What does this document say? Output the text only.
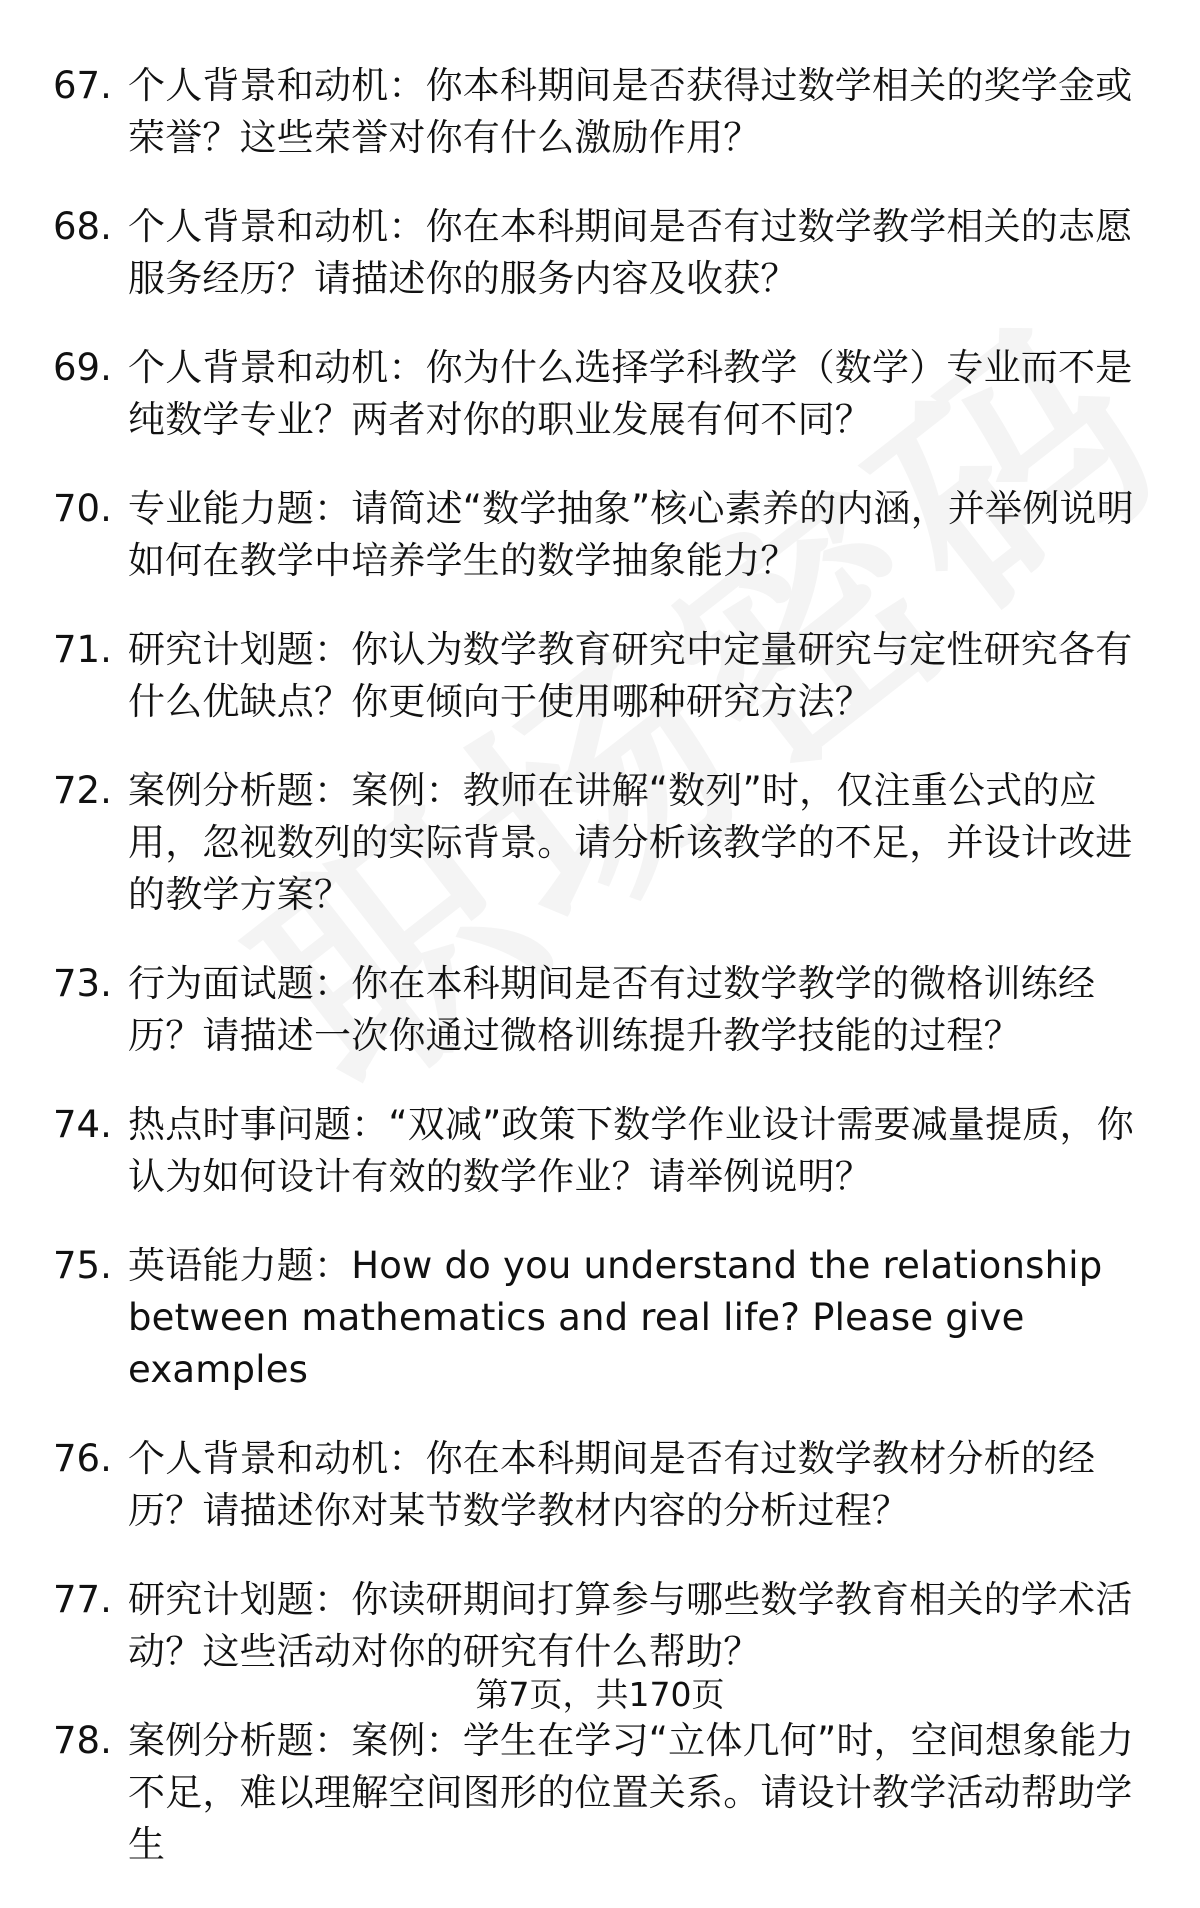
67. 个人背景和动机：你本科期间是否获得过数学相关的奖学金或荣誉？这些荣誉对你有什么激励作用？
68. 个人背景和动机：你在本科期间是否有过数学教学相关的志愿服务经历？请描述你的服务内容及收获？
69. 个人背景和动机：你为什么选择学科教学（数学）专业而不是纯数学专业？两者对你的职业发展有何不同？
70. 专业能力题：请简述“数学抽象”核心素养的内涵，并举例说明如何在教学中培养学生的数学抽象能力？
71. 研究计划题：你认为数学教育研究中定量研究与定性研究各有什么优缺点？你更倾向于使用哪种研究方法？
72. 案例分析题：案例：教师在讲解“数列”时，仅注重公式的应用，忽视数列的实际背景。请分析该教学的不足，并设计改进的教学方案？
73. 行为面试题：你在本科期间是否有过数学教学的微格训练经历？请描述一次你通过微格训练提升教学技能的过程？
74. 热点时事问题：“双减”政策下数学作业设计需要减量提质，你认为如何设计有效的数学作业？请举例说明？
75. 英语能力题：How do you understand the relationship between mathematics and real life? Please give examples
76. 个人背景和动机：你在本科期间是否有过数学教材分析的经历？请描述你对某节数学教材内容的分析过程？
77. 研究计划题：你读研期间打算参与哪些数学教育相关的学术活动？这些活动对你的研究有什么帮助？
78. 案例分析题：案例：学生在学习“立体几何”时，空间想象能力不足，难以理解空间图形的位置关系。请设计教学活动帮助学生
第7页，共170页
